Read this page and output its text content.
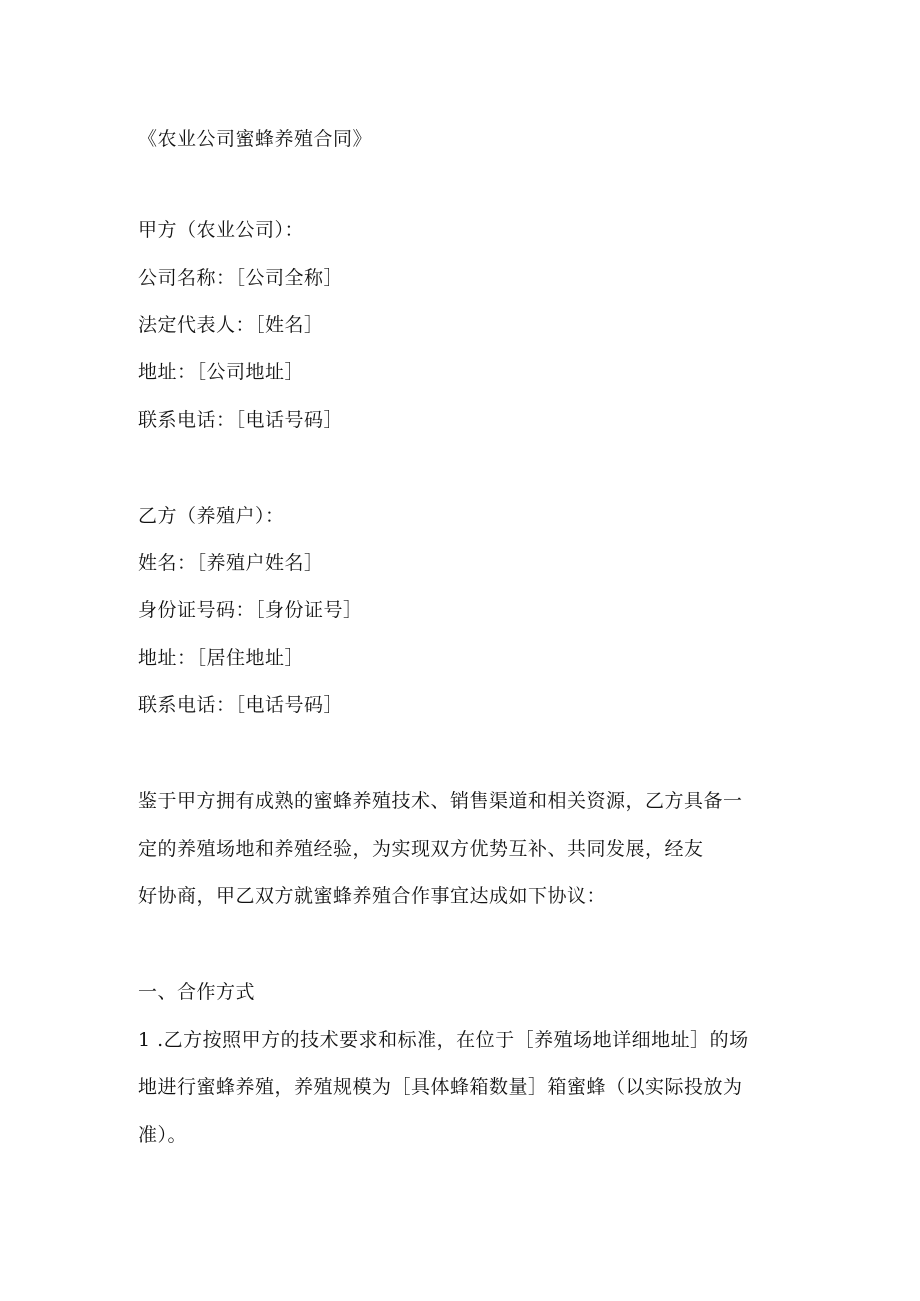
《农业公司蜜蜂养殖合同》
甲方（农业公司）：
公司名称：［公司全称］
法定代表人：［姓名］
地址：［公司地址］
联系电话：［电话号码］
乙方（养殖户）：
姓名：［养殖户姓名］
身份证号码：［身份证号］
地址：［居住地址］
联系电话：［电话号码］
鉴于甲方拥有成熟的蜜蜂养殖技术、销售渠道和相关资源，乙方具备一
定的养殖场地和养殖经验，为实现双方优势互补、共同发展，经友
好协商，甲乙双方就蜜蜂养殖合作事宜达成如下协议：
一、合作方式
1 .乙方按照甲方的技术要求和标准，在位于［养殖场地详细地址］的场
地进行蜜蜂养殖，养殖规模为［具体蜂箱数量］箱蜜蜂（以实际投放为
准）。
